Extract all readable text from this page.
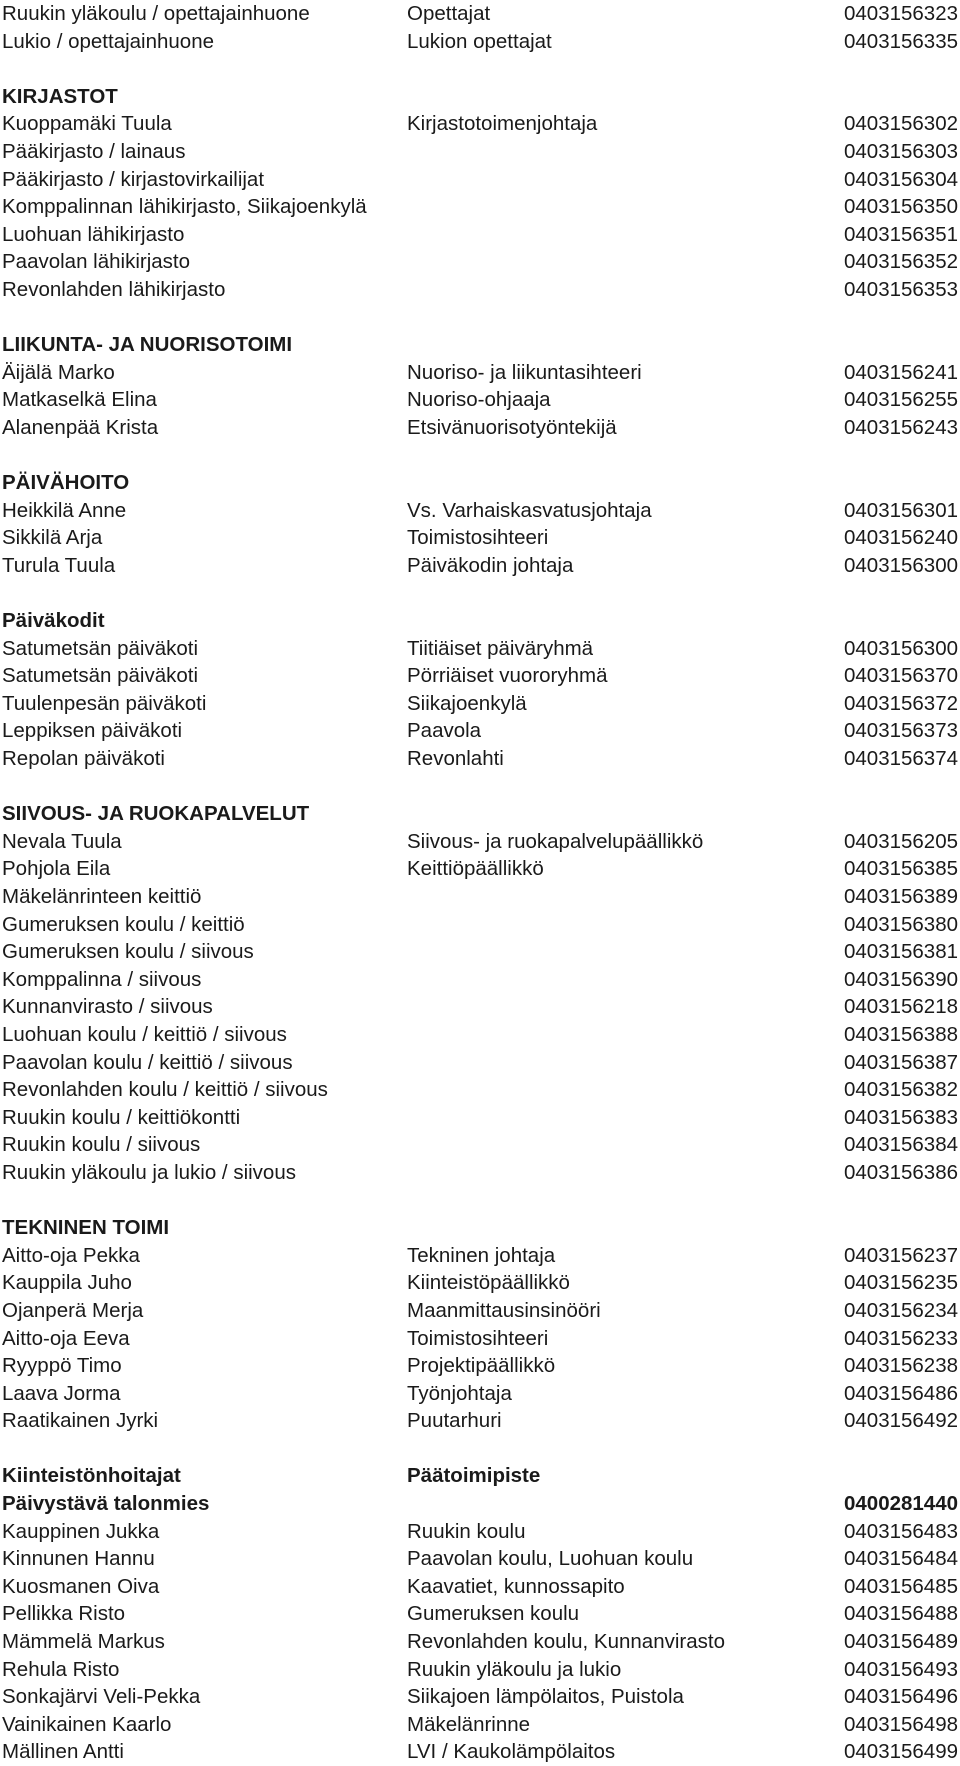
Ruukin yläkoulu / opettajainhuone	Opettajat	0403156323
Lukio / opettajainhuone	Lukion opettajat	0403156335
KIRJASTOT
Kuoppamäki Tuula	Kirjastotoimenjohtaja	0403156302
Pääkirjasto / lainaus	0403156303
Pääkirjasto / kirjastovirkailijat	0403156304
Komppalinnan lähikirjasto, Siikajoenkylä	0403156350
Luohuan lähikirjasto	0403156351
Paavolan lähikirjasto	0403156352
Revonlahden lähikirjasto	0403156353
LIIKUNTA- JA NUORISOTOIMI
Äijälä Marko	Nuoriso- ja liikuntasihteeri	0403156241
Matkaselkä Elina	Nuoriso-ohjaaja	0403156255
Alanenpää Krista	Etsivänuorisotyöntekijä	0403156243
PÄIVÄHOITO
Heikkilä Anne	Vs. Varhaiskasvatusjohtaja	0403156301
Sikkilä Arja	Toimistosihteeri	0403156240
Turula Tuula	Päiväkodin johtaja	0403156300
Päiväkodit
Satumetsän päiväkoti	Tiitiäiset päiväryhmä	0403156300
Satumetsän päiväkoti	Pörriäiset vuororyhmä	0403156370
Tuulenpesän päiväkoti	Siikajoenkylä	0403156372
Leppiksen päiväkoti	Paavola	0403156373
Repolan päiväkoti	Revonlahti	0403156374
SIIVOUS- JA RUOKAPALVELUT
Nevala Tuula	Siivous- ja ruokapalvelupäällikkö	0403156205
Pohjola Eila	Keittiöpäällikkö	0403156385
Mäkelänrinteen keittiö	0403156389
Gumeruksen koulu / keittiö	0403156380
Gumeruksen koulu / siivous	0403156381
Komppalinna / siivous	0403156390
Kunnanvirasto / siivous	0403156218
Luohuan koulu / keittiö / siivous	0403156388
Paavolan koulu / keittiö / siivous	0403156387
Revonlahden koulu / keittiö / siivous	0403156382
Ruukin koulu / keittiökontti	0403156383
Ruukin koulu / siivous	0403156384
Ruukin yläkoulu ja lukio / siivous	0403156386
TEKNINEN TOIMI
Aitto-oja Pekka	Tekninen johtaja	0403156237
Kauppila Juho	Kiinteistöpäällikkö	0403156235
Ojanperä Merja	Maanmittausinsinööri	0403156234
Aitto-oja Eeva	Toimistosihteeri	0403156233
Ryyppö Timo	Projektipäällikkö	0403156238
Laava Jorma	Työnjohtaja	0403156486
Raatikainen Jyrki	Puutarhuri	0403156492
Kiinteistönhoitajat	Päätoimipiste
Päivystävä talonmies	0400281440
Kauppinen Jukka	Ruukin koulu	0403156483
Kinnunen Hannu	Paavolan koulu, Luohuan koulu	0403156484
Kuosmanen Oiva	Kaavatiet, kunnossapito	0403156485
Pellikka Risto	Gumeruksen koulu	0403156488
Mämmelä Markus	Revonlahden koulu, Kunnanvirasto	0403156489
Rehula Risto	Ruukin yläkoulu ja lukio	0403156493
Sonkajärvi Veli-Pekka	Siikajoen lämpölaitos, Puistola	0403156496
Vainikainen Kaarlo	Mäkelänrinne	0403156498
Mällinen Antti	LVI / Kaukolämpölaitos	0403156499
